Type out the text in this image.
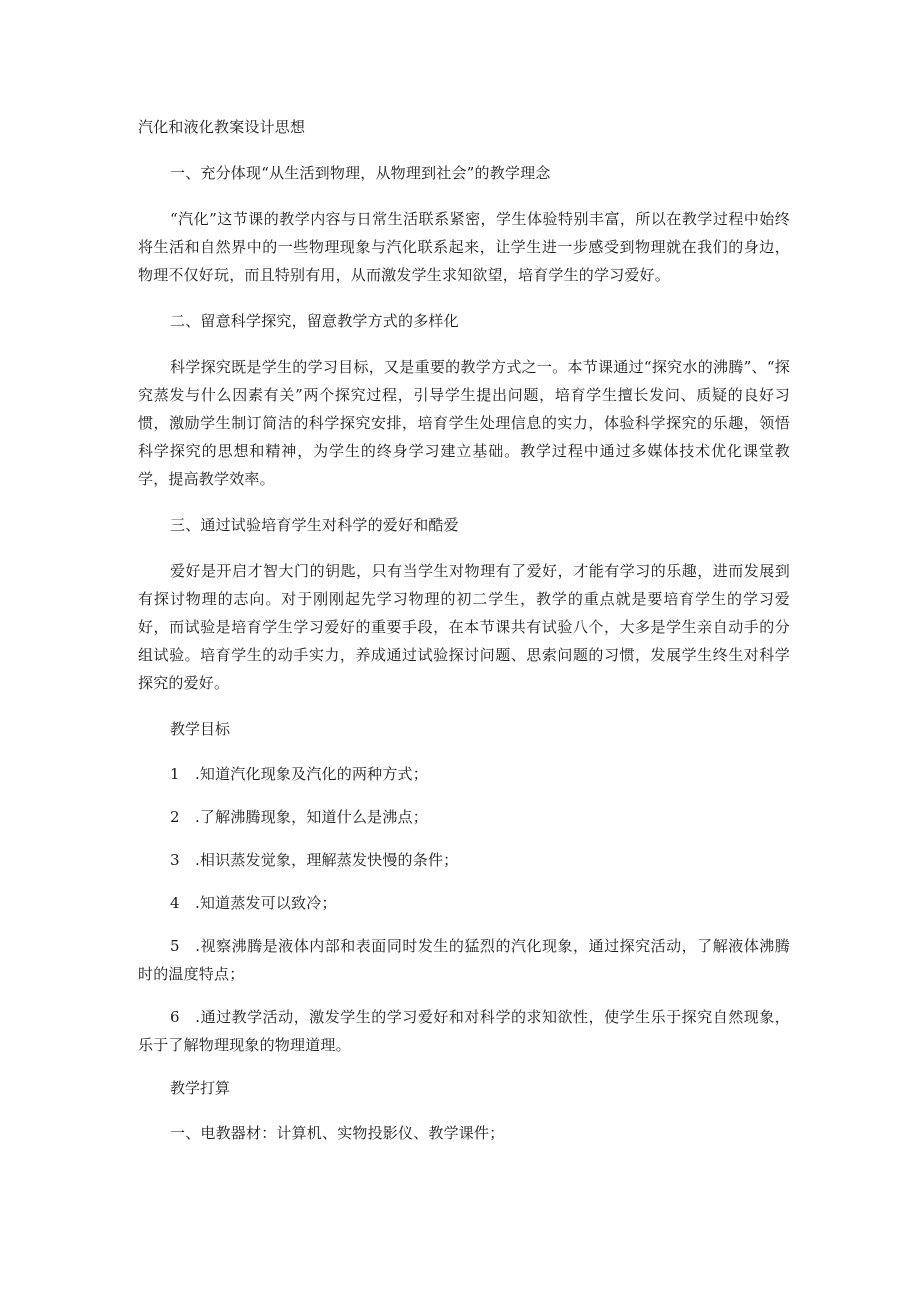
汽化和液化教案设计思想
一、充分体现“从生活到物理，从物理到社会”的教学理念
“汽化”这节课的教学内容与日常生活联系紧密，学生体验特别丰富，所以在教学过程中始终将生活和自然界中的一些物理现象与汽化联系起来，让学生进一步感受到物理就在我们的身边，物理不仅好玩，而且特别有用，从而激发学生求知欲望，培育学生的学习爱好。
二、留意科学探究，留意教学方式的多样化
科学探究既是学生的学习目标，又是重要的教学方式之一。本节课通过“探究水的沸腾”、“探究蒸发与什么因素有关”两个探究过程，引导学生提出问题，培育学生擅长发问、质疑的良好习惯，激励学生制订简洁的科学探究安排，培育学生处理信息的实力，体验科学探究的乐趣，领悟科学探究的思想和精神，为学生的终身学习建立基础。教学过程中通过多媒体技术优化课堂教学，提高教学效率。
三、通过试验培育学生对科学的爱好和酷爱
爱好是开启才智大门的钥匙，只有当学生对物理有了爱好，才能有学习的乐趣，进而发展到有探讨物理的志向。对于刚刚起先学习物理的初二学生，教学的重点就是要培育学生的学习爱好，而试验是培育学生学习爱好的重要手段，在本节课共有试验八个，大多是学生亲自动手的分组试验。培育学生的动手实力，养成通过试验探讨问题、思索问题的习惯，发展学生终生对科学探究的爱好。
教学目标
1 .知道汽化现象及汽化的两种方式；
2 .了解沸腾现象，知道什么是沸点；
3 .相识蒸发觉象，理解蒸发快慢的条件；
4 .知道蒸发可以致冷；
5 .视察沸腾是液体内部和表面同时发生的猛烈的汽化现象，通过探究活动，了解液体沸腾时的温度特点；
6 .通过教学活动，激发学生的学习爱好和对科学的求知欲性，使学生乐于探究自然现象，乐于了解物理现象的物理道理。
教学打算
一、电教器材：计算机、实物投影仪、教学课件；
